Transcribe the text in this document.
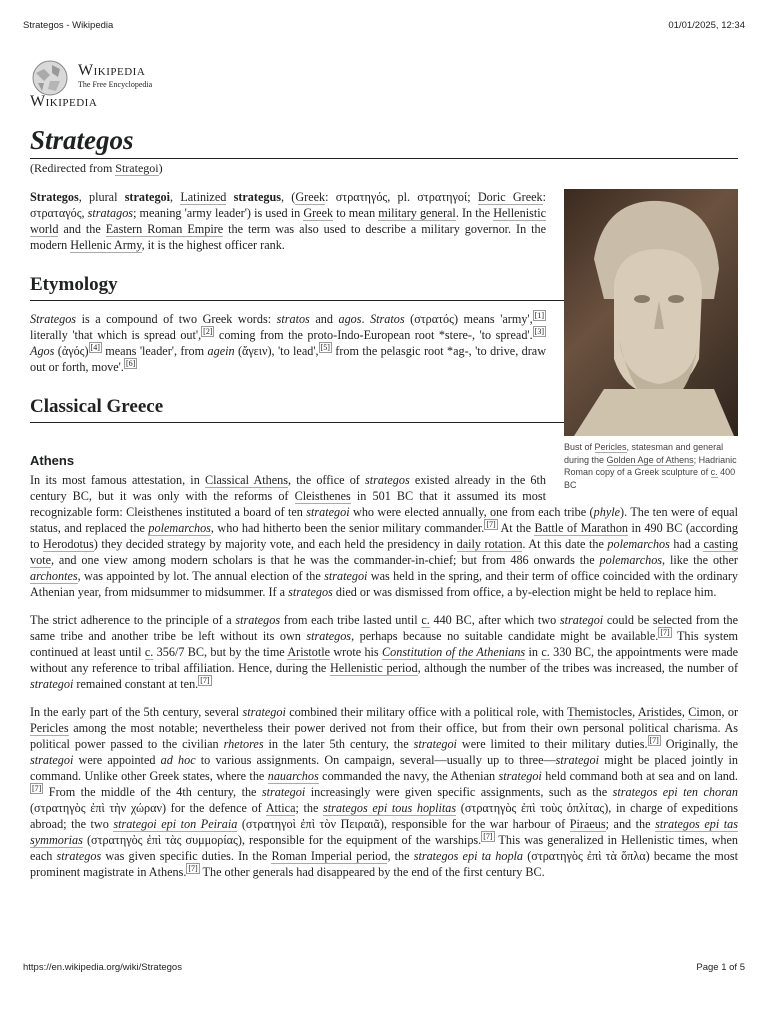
Strategos - Wikipedia	01/01/2025, 12:34
Wikipedia
The Free Encyclopedia
Wikipedia
Strategos
(Redirected from Strategoi)
Bust of Pericles, statesman and general during the Golden Age of Athens; Hadrianic Roman copy of a Greek sculpture of c. 400 BC

Strategos, plural strategoi, Latinized strategus, (Greek: στρατηγός, pl. στρατηγοί; Doric Greek: στραταγός, stratagos; meaning 'army leader') is used in Greek to mean military general. In the Hellenistic world and the Eastern Roman Empire the term was also used to describe a military governor. In the modern Hellenic Army, it is the highest officer rank.

Etymology

Strategos is a compound of two Greek words: stratos and agos. Stratos (στρατός) means 'army', [1] literally 'that which is spread out', [2] coming from the proto-Indo-European root *stere-, 'to spread'. [3] Agos (ἀγός) [4] means 'leader', from agein (ἄγειν), 'to lead', [5] from the pelasgic root *ag-, 'to drive, draw out or forth, move'. [6]

Classical Greece
Athens

In its most famous attestation, in Classical Athens, the office of strategos existed already in the 6th century BC, but it was only with the reforms of Cleisthenes in 501 BC that it assumed its most recognizable form: Cleisthenes instituted a board of ten strategoi who were elected annually, one from each tribe (phyle). The ten were of equal status, and replaced the polemarchos, who had hitherto been the senior military commander. [7] At the Battle of Marathon in 490 BC (according to Herodotus) they decided strategy by majority vote, and each held the presidency in daily rotation. At this date the polemarchos had a casting vote, and one view among modern scholars is that he was the commander-in-chief; but from 486 onwards the polemarchos, like the other archontes, was appointed by lot. The annual election of the strategoi was held in the spring, and their term of office coincided with the ordinary Athenian year, from midsummer to midsummer. If a strategos died or was dismissed from office, a by-election might be held to replace him.

The strict adherence to the principle of a strategos from each tribe lasted until c. 440 BC, after which two strategoi could be selected from the same tribe and another tribe be left without its own strategos, perhaps because no suitable candidate might be available. [7] This system continued at least until c. 356/7 BC, but by the time Aristotle wrote his Constitution of the Athenians in c. 330 BC, the appointments were made without any reference to tribal affiliation. Hence, during the Hellenistic period, although the number of the tribes was increased, the number of strategoi remained constant at ten. [7]

In the early part of the 5th century, several strategoi combined their military office with a political role, with Themistocles, Aristides, Cimon, or Pericles among the most notable; nevertheless their power derived not from their office, but from their own personal political charisma. As political power passed to the civilian rhetores in the later 5th century, the strategoi were limited to their military duties. [7] Originally, the strategoi were appointed ad hoc to various assignments. On campaign, several—usually up to three—strategoi might be placed jointly in command. Unlike other Greek states, where the nauarchos commanded the navy, the Athenian strategoi held command both at sea and on land.[7] From the middle of the 4th century, the strategoi increasingly were given specific assignments, such as the strategos epi ten choran (στρατηγὸς ἐπὶ τὴν χώραν) for the defence of Attica; the strategos epi tous hoplitas (στρατηγὸς ἐπὶ τοὺς ὁπλίτας), in charge of expeditions abroad; the two strategoi epi ton Peiraia (στρατηγοὶ ἐπὶ τὸν Πειραιᾶ), responsible for the war harbour of Piraeus; and the strategos epi tas symmorias (στρατηγὸς ἐπὶ τὰς συμμορίας), responsible for the equipment of the warships. [7] This was generalized in Hellenistic times, when each strategos was given specific duties. In the Roman Imperial period, the strategos epi ta hopla (στρατηγὸς ἐπὶ τὰ ὅπλα) became the most prominent magistrate in Athens. [7] The other generals had disappeared by the end of the first century BC.

https://en.wikipedia.org/wiki/Strategos	Page 1 of 5
